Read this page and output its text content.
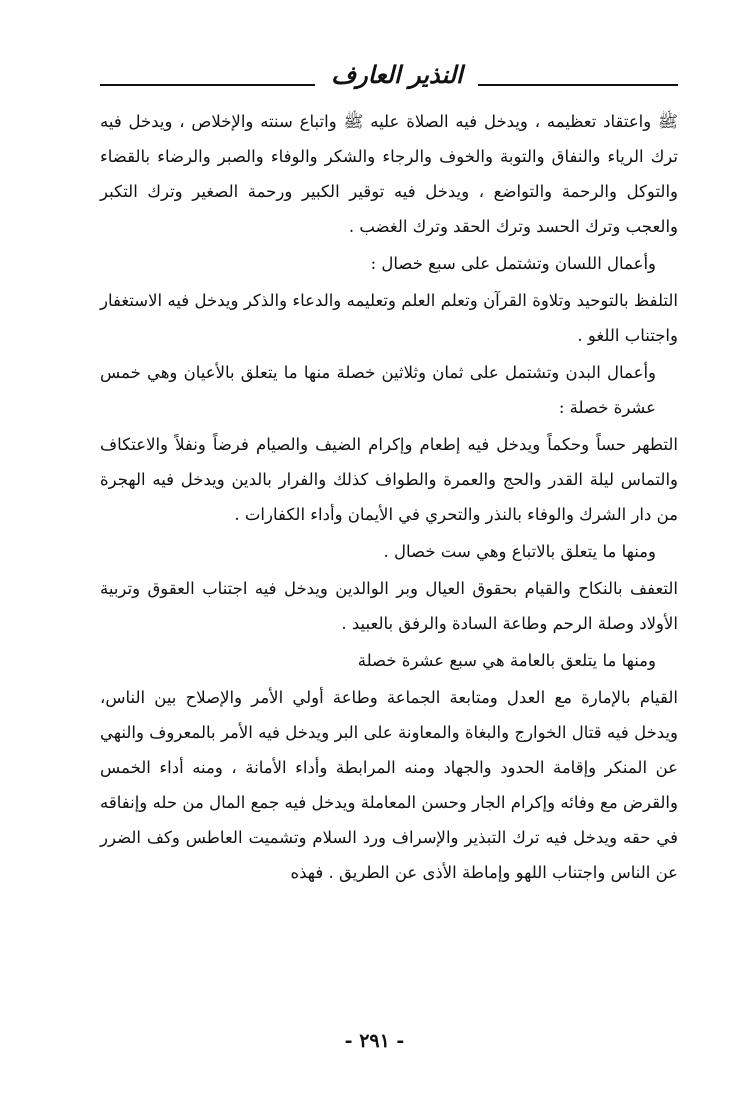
النذير العارف

ﷺ واعتقاد تعظيمه ، ويدخل فيه الصلاة عليه ﷺ واتباع سنته والإخلاص ، ويدخل فيه ترك الرياء والنفاق والتوبة والخوف والرجاء والشكر والوفاء والصبر والرضاء بالقضاء والتوكل والرحمة والتواضع ، ويدخل فيه توقير الكبير ورحمة الصغير وترك التكبر والعجب وترك الحسد وترك الحقد وترك الغضب .

وأعمال اللسان وتشتمل على سبع خصال :

التلفظ بالتوحيد وتلاوة القرآن وتعلم العلم وتعليمه والدعاء والذكر ويدخل فيه الاستغفار واجتناب اللغو .

وأعمال البدن وتشتمل على ثمان وثلاثين خصلة منها ما يتعلق بالأعيان وهي خمس عشرة خصلة :

التطهر حساً وحكماً ويدخل فيه إطعام وإكرام الضيف والصيام فرضاً ونفلاً والاعتكاف والتماس ليلة القدر والحج والعمرة والطواف كذلك والفرار بالدين ويدخل فيه الهجرة من دار الشرك والوفاء بالنذر والتحري في الأيمان وأداء الكفارات .

ومنها ما يتعلق بالاتباع وهي ست خصال .

التعفف بالنكاح والقيام بحقوق العيال وبر الوالدين ويدخل فيه اجتناب العقوق وتربية الأولاد وصلة الرحم وطاعة السادة والرفق بالعبيد .

ومنها ما يتلعق بالعامة هي سبع عشرة خصلة

القيام بالإمارة مع العدل ومتابعة الجماعة وطاعة أولي الأمر والإصلاح بين الناس، ويدخل فيه قتال الخوارج والبغاة والمعاونة على البر ويدخل فيه الأمر بالمعروف والنهي عن المنكر وإقامة الحدود والجهاد ومنه المرابطة وأداء الأمانة ، ومنه أداء الخمس والقرض مع وفائه وإكرام الجار وحسن المعاملة ويدخل فيه جمع المال من حله وإنفاقه في حقه ويدخل فيه ترك التبذير والإسراف ورد السلام وتشميت العاطس وكف الضرر عن الناس واجتناب اللهو وإماطة الأذى عن الطريق . فهذه

- ٢٩١ -
